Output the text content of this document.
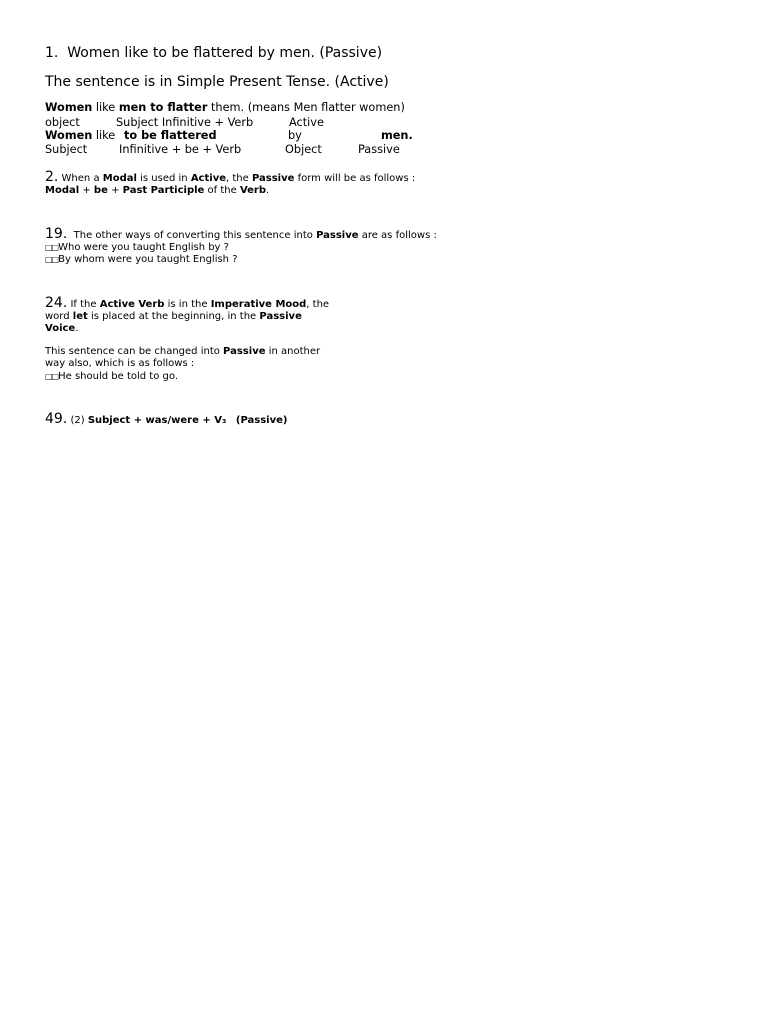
1. Women like to be flattered by men. (Passive)
The sentence is in Simple Present Tense. (Active)
Women like men to flatter them. (means Men flatter women)
object	Subject Infinitive + Verb	Active
Women like to be flattered	by	men.
Subject	Infinitive + be + Verb	Object	Passive
2. When a Modal is used in Active, the Passive form will be as follows :
Modal + be + Past Participle of the Verb.
19. The other ways of converting this sentence into Passive are as follows :
□□Who were you taught English by ?
□□By whom were you taught English ?
24. If the Active Verb is in the Imperative Mood, the
word let is placed at the beginning, in the Passive
Voice.
This sentence can be changed into Passive in another
way also, which is as follows :
□□He should be told to go.
49. (2) Subject + was/were + V₃ (Passive)
